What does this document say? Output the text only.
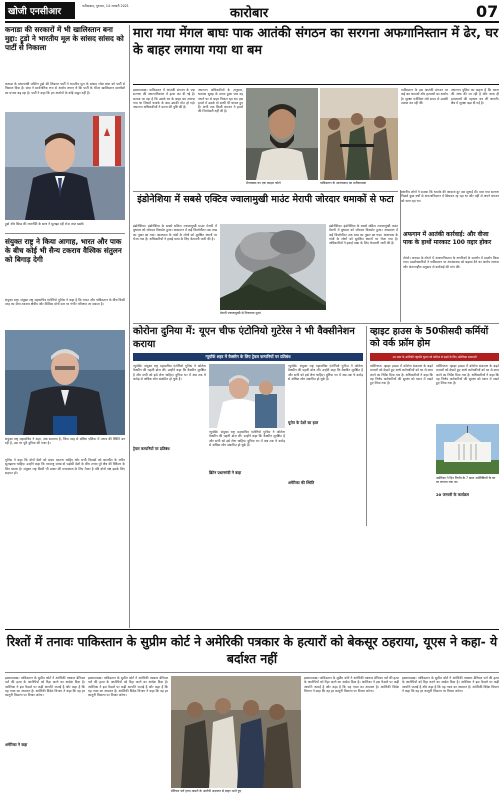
खोजी एनसीआर
फरीदाबाद, गुरुवार, 14 जनवरी 2021	कारोबार	07
कनाडा की सरकारों में भी खालिस्तान बना मुद्दा: ट्रूडो ने भारतीय मूल के सांसद सांसद को पार्टी से निकाला
कनाडा के प्रधानमंत्री जस्टिन ट्रूडो की लिबरल पार्टी ने भारतीय मूल के सांसद रमेश संघा को पार्टी से निकाल दिया है। संघा ने सार्वजनिक रूप से आरोप लगाए थे कि पार्टी के भीतर खालिस्तान समर्थकों का प्रभाव बढ़ रहा है। पार्टी ने कहा कि इन आरोपों के कोई सबूत नहीं हैं।
ट्रूडो और सिख की राजनीति के साथ ने सुलझा रही रोज़ ताज़ खबरें।
संयुक्त राष्ट्र ने किया आगाह, भारत और पाक के बीच कोई भी सैन्य टकराव वैश्विक संतुलन को बिगाड़ देगी
संयुक्त राष्ट्र। संयुक्त राष्ट्र महासचिव एंटोनियो गुटेरेस ने कहा है कि भारत और पाकिस्तान के बीच किसी तरह का सैन्य टकराव क्षेत्रीय और वैश्विक दोनों स्तर पर गंभीर परिणाम ला सकता है।
संयुक्त राष्ट्र महासचिव ने कहा, अब सामान्य है, जिस तरह से दक्षिण एशिया में तनाव की स्थिति बन रही है, उस पर पूरी दुनिया की नजर है।
गुटेरेस ने कहा कि दोनों देशों को संयम बरतना चाहिए और सभी विवादों को बातचीत के जरिए सुलझाना चाहिए। उन्होंने कहा कि परमाणु संपन्न दो पड़ोसी देशों के बीच तनाव पूरे क्षेत्र की स्थिरता के लिए खतरा है। संयुक्त राष्ट्र किसी भी प्रकार की मध्यस्थता के लिए तैयार है यदि दोनों पक्ष इसके लिए सहमत हों।
मारा गया मेंगल बाघः पाक आतंकी संगठन का सरगना अफगानिस्तान में ढेर, घर के बाहर लगाया गया था बम
इस्लामाबाद। पाकिस्तान में आतंकी संगठन के एक सरगना की अफगानिस्तान में हत्या कर दी गई है। बताया जा रहा है कि उसके घर के बाहर बम लगाया गया था जिसमें धमाके के बाद उसकी मौत हो गई। अफगान अधिकारियों ने घटना की पुष्टि की है।
अफगान अधिकारियों के अनुसार, धमाका सुबह के समय हुआ जब वह अपने घर से बाहर निकल रहा था। इस हमले में उसके दो साथी भी घायल हुए हैं। अभी तक किसी संगठन ने हमले की जिम्मेदारी नहीं ली है।
मेंगलबाघ का एक फ़ाइल फोटो	पाकिस्तान के आतंकवाद का प्रतीकात्मक
पाकिस्तान के इस आतंकी संगठन पर कई बम धमाकों और हत्याओं का आरोप है। सुरक्षा एजेंसियां लंबे समय से उसकी तलाश कर रही थीं।
अफगान पुलिस का कहना है कि घटना की जांच की जा रही है और जल्द ही हमलावरों की पहचान कर ली जाएगी। क्षेत्र में सुरक्षा बढ़ा दी गई है।
स्थानीय लोगों ने बताया कि धमाके की आवाज दूर तक सुनाई दी। मारा गया सरगना पिछले कुछ वर्षों से अफगानिस्तान में छिपकर रह रहा था और वहीं से अपने संगठन को चला रहा था।
इंडोनेशिया में सबसे एक्टिव ज्वालामुखी माउंट मेरापी जोरदार धमाकों से फटा
इंडोनेशिया। इंडोनेशिया के सबसे सक्रिय ज्वालामुखी माउंट मेरापी में बुधवार को जोरदार विस्फोट हुआ। आसमान में कई किलोमीटर तक राख का गुबार छा गया। आसपास के गांवों के लोगों को सुरक्षित स्थानों पर भेजा गया है। अधिकारियों ने हवाई यात्रा के लिए चेतावनी जारी की है।
मेरापी ज्वालामुखी से निकलता धुआं
इंडोनेशिया। इंडोनेशिया के सबसे सक्रिय ज्वालामुखी माउंट मेरापी में बुधवार को जोरदार विस्फोट हुआ। आसमान में कई किलोमीटर तक राख का गुबार छा गया। आसपास के गांवों के लोगों को सुरक्षित स्थानों पर भेजा गया है। अधिकारियों ने हवाई यात्रा के लिए चेतावनी जारी की है।
अफगान में आतंकी कार्रवाई: और वीजा पाक के हाथों मारकाट 100 ग़द्दार होकर
टोरंटो। कनाडा के टोरंटो में अफगानिस्तान के नागरिकों के समर्थन में प्रदर्शन किया गया। प्रदर्शनकारियों ने पाकिस्तान पर आतंकवाद को बढ़ावा देने का आरोप लगाया और अंतरराष्ट्रीय समुदाय से कार्रवाई की मांग की।
कोरोना दुनिया में: यूएन चीफ एंटोनियो गुटेरेस ने भी वैक्सीनेशन कराया
न्यूयॉर्क शहर में वैक्सीन के लिए ट्रेवल कम्पनियों पर प्रतिबंध
न्यूयॉर्क। संयुक्त राष्ट्र महासचिव एंटोनियो गुटेरेस ने कोरोना वैक्सीन की पहली डोज ली। उन्होंने कहा कि वैक्सीन सुरक्षित है और सभी को इसे लेना चाहिए। दुनिया भर में अब तक 9 करोड़ से अधिक लोग संक्रमित हो चुके हैं।
ट्रेवल कम्पनियों पर प्रतिबंध
न्यूयॉर्क। संयुक्त राष्ट्र महासचिव एंटोनियो गुटेरेस ने कोरोना वैक्सीन की पहली डोज ली। उन्होंने कहा कि वैक्सीन सुरक्षित है और सभी को इसे लेना चाहिए। दुनिया भर में अब तक 9 करोड़ से अधिक लोग संक्रमित हो चुके हैं।
ब्रिटेन प्रधानमंत्री ने कहा
न्यूयॉर्क। संयुक्त राष्ट्र महासचिव एंटोनियो गुटेरेस ने कोरोना वैक्सीन की पहली डोज ली। उन्होंने कहा कि वैक्सीन सुरक्षित है और सभी को इसे लेना चाहिए। दुनिया भर में अब तक 9 करोड़ से अधिक लोग संक्रमित हो चुके हैं।
यूरोप के देशों का हाल
अमेरिका की स्थिति
व्हाइट हाउस के 50फीसदी कर्मियों को वर्क फ्रॉम होम
18 साल के अमेरिकी राष्ट्रपति चुनाव को कोरोना से बढ़ते के लिए अतिरिक्त सावधानी
वाशिंगटन। व्हाइट हाउस में कोरोना संक्रमण के बढ़ते मामलों को देखते हुए आधे कर्मचारियों को घर से काम करने का निर्देश दिया गया है। अधिकारियों ने कहा कि यह निर्णय कर्मचारियों की सुरक्षा को ध्यान में रखते हुए लिया गया है।
वाशिंगटन। व्हाइट हाउस में कोरोना संक्रमण के बढ़ते मामलों को देखते हुए आधे कर्मचारियों को घर से काम करने का निर्देश दिया गया है। अधिकारियों ने कहा कि यह निर्णय कर्मचारियों की सुरक्षा को ध्यान में रखते हुए लिया गया है।
अमेरिका ने दिन निर्णय के 7 साल अमेरिकियों के घर पर लगाया गया था।
20 जनवरी के कार्यक्रम
रिश्तों में तनावः पाकिस्तान के सुप्रीम कोर्ट ने अमेरिकी पत्रकार के हत्यारों को बेकसूर ठहराया, यूएस ने कहा- ये बर्दाश्त नहीं
इस्लामाबाद। पाकिस्तान के सुप्रीम कोर्ट ने अमेरिकी पत्रकार डेनियल पर्ल की हत्या के आरोपियों को रिहा करने का आदेश दिया है। अमेरिका ने इस फैसले पर कड़ी आपत्ति जताई है और कहा है कि यह न्याय का अपमान है। अमेरिकी विदेश विभाग ने कहा कि वह हर कानूनी विकल्प पर विचार करेगा।
इस्लामाबाद। पाकिस्तान के सुप्रीम कोर्ट ने अमेरिकी पत्रकार डेनियल पर्ल की हत्या के आरोपियों को रिहा करने का आदेश दिया है। अमेरिका ने इस फैसले पर कड़ी आपत्ति जताई है और कहा है कि यह न्याय का अपमान है। अमेरिकी विदेश विभाग ने कहा कि वह हर कानूनी विकल्प पर विचार करेगा।
अमेरिका ने कहा
डेनियल पर्ल हत्या मामले के आरोपी अदालत से बाहर आते हुए
इस्लामाबाद। पाकिस्तान के सुप्रीम कोर्ट ने अमेरिकी पत्रकार डेनियल पर्ल की हत्या के आरोपियों को रिहा करने का आदेश दिया है। अमेरिका ने इस फैसले पर कड़ी आपत्ति जताई है और कहा है कि यह न्याय का अपमान है। अमेरिकी विदेश विभाग ने कहा कि वह हर कानूनी विकल्प पर विचार करेगा।
इस्लामाबाद। पाकिस्तान के सुप्रीम कोर्ट ने अमेरिकी पत्रकार डेनियल पर्ल की हत्या के आरोपियों को रिहा करने का आदेश दिया है। अमेरिका ने इस फैसले पर कड़ी आपत्ति जताई है और कहा है कि यह न्याय का अपमान है। अमेरिकी विदेश विभाग ने कहा कि वह हर कानूनी विकल्प पर विचार करेगा।
